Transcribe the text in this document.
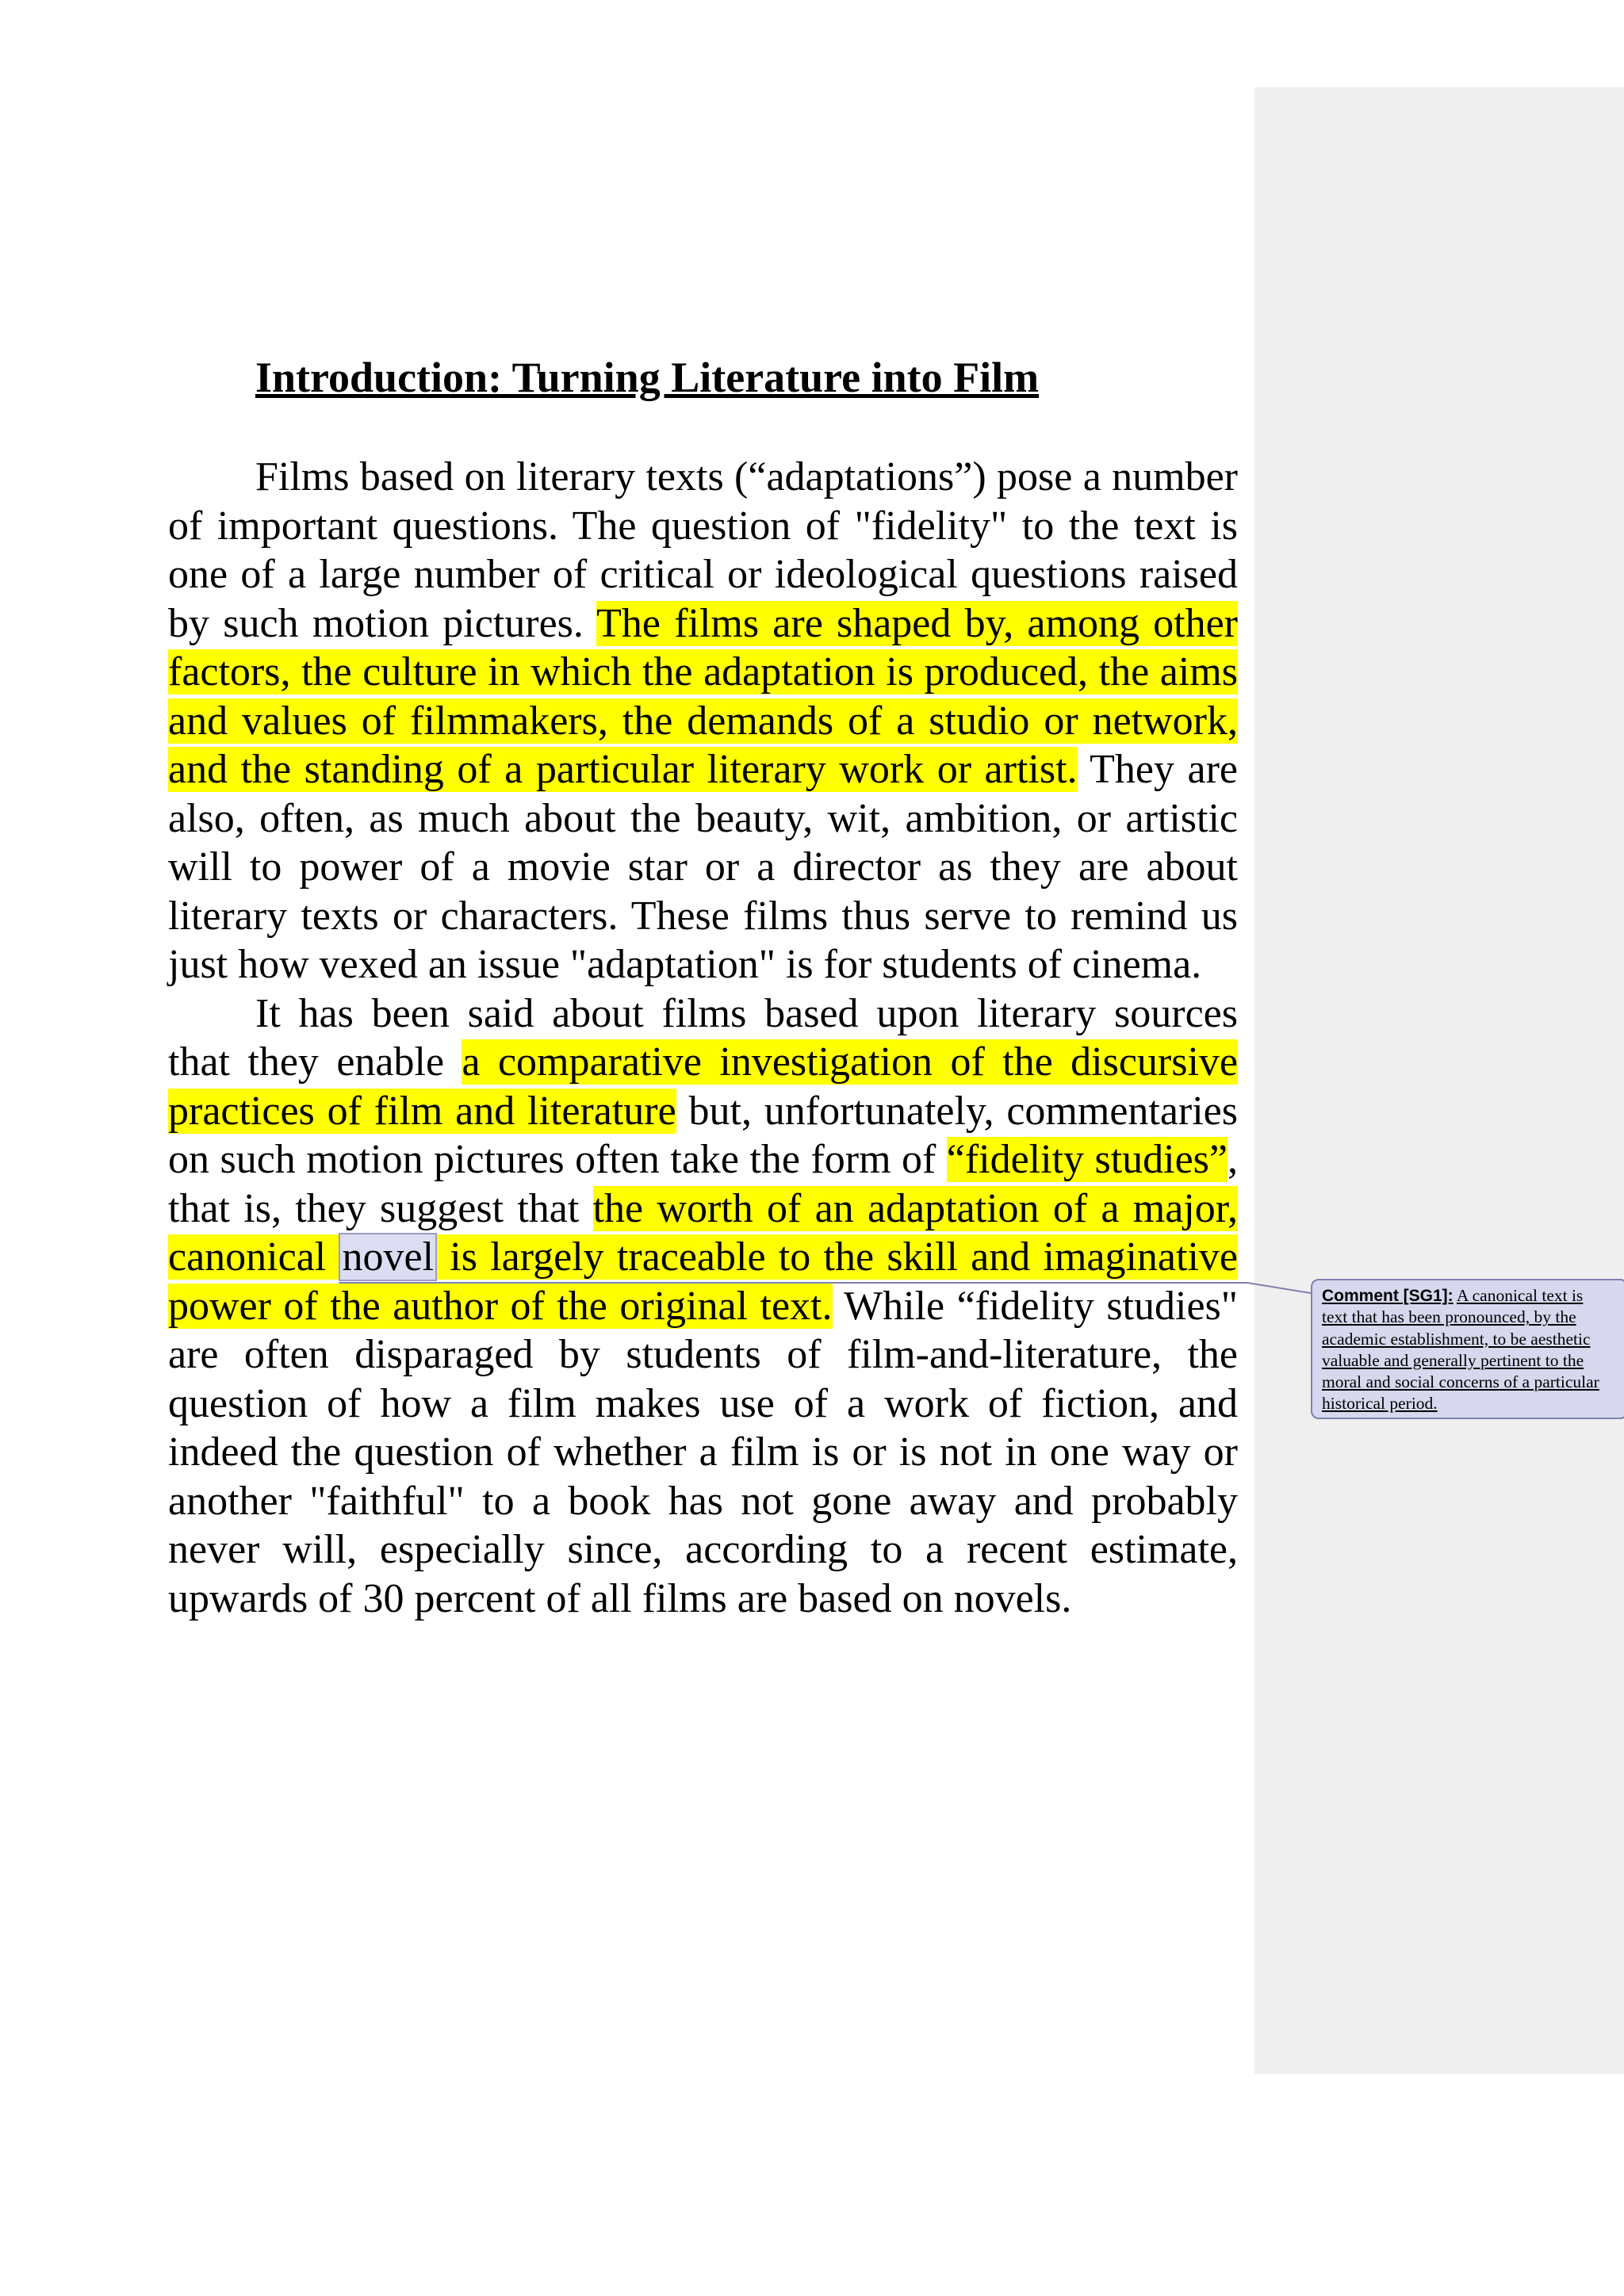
Introduction: Turning Literature into Film

Films based on literary texts (“adaptations”) pose a number of important questions. The question of "fidelity" to the text is one of a large number of critical or ideological questions raised by such motion pictures. The films are shaped by, among other factors, the culture in which the adaptation is produced, the aims and values of filmmakers, the demands of a studio or network, and the standing of a particular literary work or artist. They are also, often, as much about the beauty, wit, ambition, or artistic will to power of a movie star or a director as they are about literary texts or characters. These films thus serve to remind us just how vexed an issue "adaptation" is for students of cinema.

It has been said about films based upon literary sources that they enable a comparative investigation of the discursive practices of film and literature but, unfortunately, commentaries on such motion pictures often take the form of “fidelity studies”, that is, they suggest that the worth of an adaptation of a major, canonical novel is largely traceable to the skill and imaginative power of the author of the original text. While “fidelity studies" are often disparaged by students of film-and-literature, the question of how a film makes use of a work of fiction, and indeed the question of whether a film is or is not in one way or another "faithful" to a book has not gone away and probably never will, especially since, according to a recent estimate, upwards of 30 percent of all films are based on novels.

Comment [SG1]: A canonical text is
text that has been pronounced, by the
academic establishment, to be aesthetic
valuable and generally pertinent to the
moral and social concerns of a particular
historical period.
